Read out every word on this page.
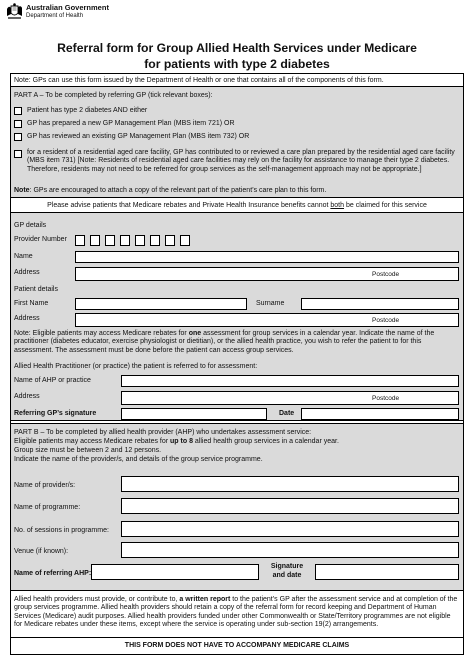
Australian Government
Department of Health
Referral form for Group Allied Health Services under Medicare
for patients with type 2 diabetes
Note: GPs can use this form issued by the Department of Health or one that contains all of the components of this form.
PART A – To be completed by referring GP (tick relevant boxes):
Patient has type 2 diabetes AND either
GP has prepared a new GP Management Plan (MBS item 721) OR
GP has reviewed an existing GP Management Plan (MBS item 732) OR
for a resident of a residential aged care facility, GP has contributed to or reviewed a care plan prepared by the residential aged care facility (MBS item 731) [Note: Residents of residential aged care facilities may rely on the facility for assistance to manage their type 2 diabetes. Therefore, residents may not need to be referred for group services as the self-management approach may not be appropriate.]
Note: GPs are encouraged to attach a copy of the relevant part of the patient’s care plan to this form.
Please advise patients that Medicare rebates and Private Health Insurance benefits cannot both be claimed for this service
GP details
Provider Number
Name
Address	Postcode
Patient details
First Name	Surname
Address	Postcode
Note: Eligible patients may access Medicare rebates for one assessment for group services in a calendar year. Indicate the name of the practitioner (diabetes educator, exercise physiologist or dietitian), or the allied health practice, you wish to refer the patient to for this assessment. The assessment must be done before the patient can access group services.
Allied Health Practitioner (or practice) the patient is referred to for assessment:
Name of AHP or practice
Address	Postcode
Referring GP’s signature	Date
PART B – To be completed by allied health provider (AHP) who undertakes assessment service:
Eligible patients may access Medicare rebates for up to 8 allied health group services in a calendar year.
Group size must be between 2 and 12 persons.
Indicate the name of the provider/s, and details of the group service programme.
Name of provider/s:
Name of programme:
No. of sessions in programme:
Venue (if known):
Name of referring AHP:
Signature
and date
Allied health providers must provide, or contribute to, a written report to the patient’s GP after the assessment service and at completion of the group services programme. Allied health providers should retain a copy of the referral form for record keeping and Department of Human Services (Medicare) audit purposes. Allied health providers funded under other Commonwealth or State/Territory programmes are not eligible for Medicare rebates under these items, except where the service is operating under sub-section 19(2) arrangements.
THIS FORM DOES NOT HAVE TO ACCOMPANY MEDICARE CLAIMS
